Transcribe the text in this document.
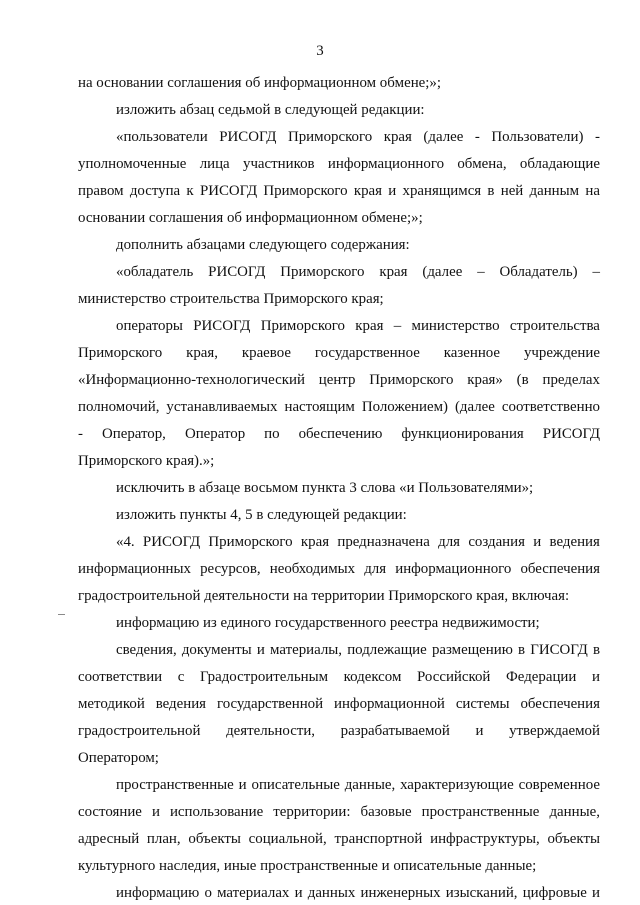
3
на основании соглашения об информационном обмене;»;
изложить абзац седьмой в следующей редакции:
«пользователи РИСОГД Приморского края (далее - Пользователи) -
уполномоченные лица участников информационного обмена, обладающие
правом доступа к РИСОГД Приморского края и хранящимся в ней данным на
основании соглашения об информационном обмене;»;
дополнить абзацами следующего содержания:
«обладатель РИСОГД Приморского края (далее – Обладатель) –
министерство строительства Приморского края;
операторы РИСОГД Приморского края – министерство строительства
Приморского края, краевое государственное казенное учреждение
«Информационно-технологический центр Приморского края» (в пределах
полномочий, устанавливаемых настоящим Положением) (далее соответственно
- Оператор, Оператор по обеспечению функционирования РИСОГД
Приморского края).»;
исключить в абзаце восьмом пункта 3 слова «и Пользователями»;
изложить пункты 4, 5 в следующей редакции:
«4. РИСОГД Приморского края предназначена для создания и ведения
информационных ресурсов, необходимых для информационного обеспечения
градостроительной деятельности на территории Приморского края, включая:
информацию из единого государственного реестра недвижимости;
сведения, документы и материалы, подлежащие размещению в ГИСОГД в
соответствии с Градостроительным кодексом Российской Федерации и
методикой ведения государственной информационной системы обеспечения
градостроительной деятельности, разрабатываемой и утверждаемой
Оператором;
пространственные и описательные данные, характеризующие современное
состояние и использование территории: базовые пространственные данные,
адресный план, объекты социальной, транспортной инфраструктуры, объекты
культурного наследия, иные пространственные и описательные данные;
информацию о материалах и данных инженерных изысканий, цифровые и
